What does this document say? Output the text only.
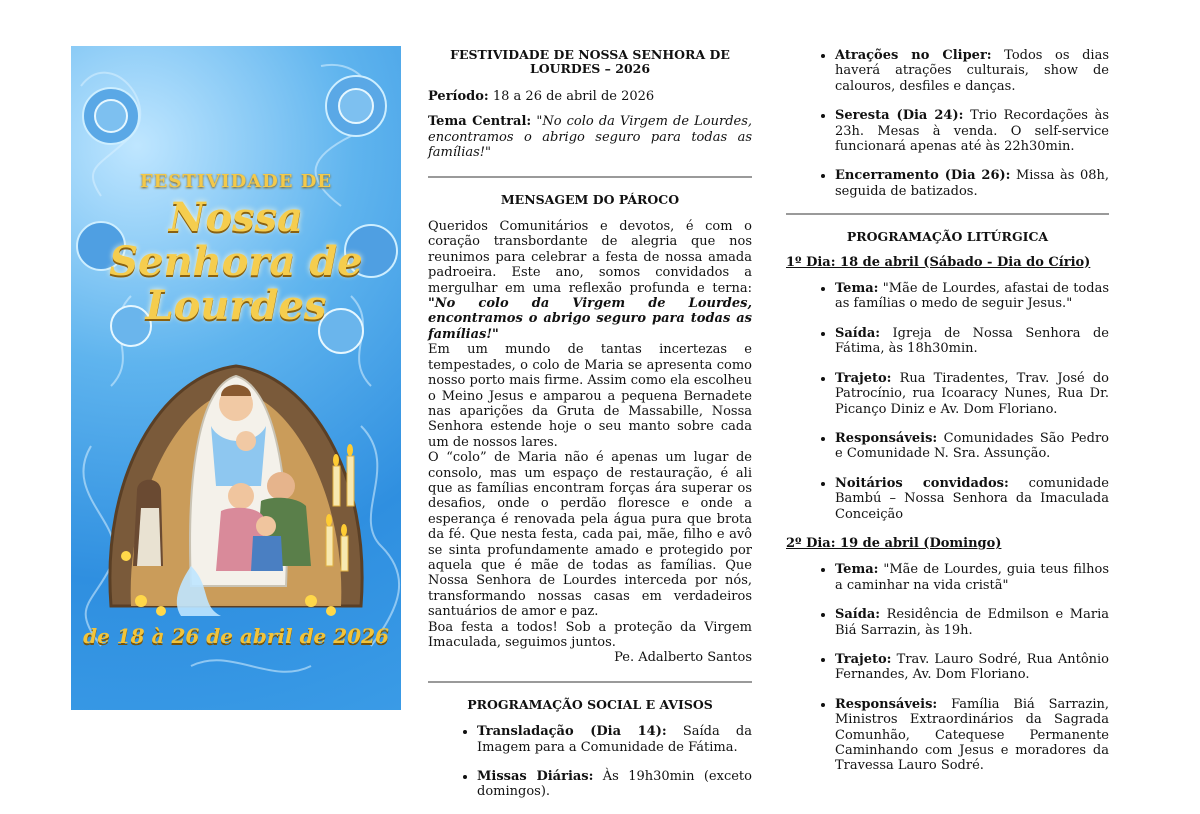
FESTIVIDADE DE
Nossa Senhora de
Lourdes
de 18 à 26 de abril de 2026
FESTIVIDADE DE NOSSA SENHORA DE LOURDES – 2026
Período: 18 a 26 de abril de 2026
Tema Central: "No colo da Virgem de Lourdes, encontramos o abrigo seguro para todas as famílias!"
MENSAGEM DO PÁROCO
Queridos Comunitários e devotos, é com o coração transbordante de alegria que nos reunimos para celebrar a festa de nossa amada padroeira. Este ano, somos convidados a mergulhar em uma reflexão profunda e terna: "No colo da Virgem de Lourdes, encontramos o abrigo seguro para todas as famílias!"
Em um mundo de tantas incertezas e tempestades, o colo de Maria se apresenta como nosso porto mais firme. Assim como ela escolheu o Meino Jesus e amparou a pequena Bernadete nas aparições da Gruta de Massabille, Nossa Senhora estende hoje o seu manto sobre cada um de nossos lares.
O “colo” de Maria não é apenas um lugar de consolo, mas um espaço de restauração, é ali que as famílias encontram forças ára superar os desafios, onde o perdão floresce e onde a esperança é renovada pela água pura que brota da fé. Que nesta festa, cada pai, mãe, filho e avô se sinta profundamente amado e protegido por aquela que é mãe de todas as famílias. Que Nossa Senhora de Lourdes interceda por nós, transformando nossas casas em verdadeiros santuários de amor e paz.
Boa festa a todos! Sob a proteção da Virgem Imaculada, seguimos juntos.
Pe. Adalberto Santos
PROGRAMAÇÃO SOCIAL E AVISOS
• Transladação (Dia 14): Saída da Imagem para a Comunidade de Fátima.
• Missas Diárias: Às 19h30min (exceto domingos).
• Atrações no Cliper: Todos os dias haverá atrações culturais, show de calouros, desfiles e danças.
• Seresta (Dia 24): Trio Recordações às 23h. Mesas à venda. O self-service funcionará apenas até às 22h30min.
• Encerramento (Dia 26): Missa às 08h, seguida de batizados.
PROGRAMAÇÃO LITÚRGICA
1º Dia: 18 de abril (Sábado - Dia do Círio)
• Tema: "Mãe de Lourdes, afastai de todas as famílias o medo de seguir Jesus."
• Saída: Igreja de Nossa Senhora de Fátima, às 18h30min.
• Trajeto: Rua Tiradentes, Trav. José do Patrocínio, rua Icoaracy Nunes, Rua Dr. Picanço Diniz e Av. Dom Floriano.
• Responsáveis: Comunidades São Pedro e Comunidade N. Sra. Assunção.
• Noitários convidados: comunidade Bambú – Nossa Senhora da Imaculada Conceição
2º Dia: 19 de abril (Domingo)
• Tema: "Mãe de Lourdes, guia teus filhos a caminhar na vida cristã"
• Saída: Residência de Edmilson e Maria Biá Sarrazin, às 19h.
• Trajeto: Trav. Lauro Sodré, Rua Antônio Fernandes, Av. Dom Floriano.
• Responsáveis: Família Biá Sarrazin, Ministros Extraordinários da Sagrada Comunhão, Catequese Permanente Caminhando com Jesus e moradores da Travessa Lauro Sodré.
